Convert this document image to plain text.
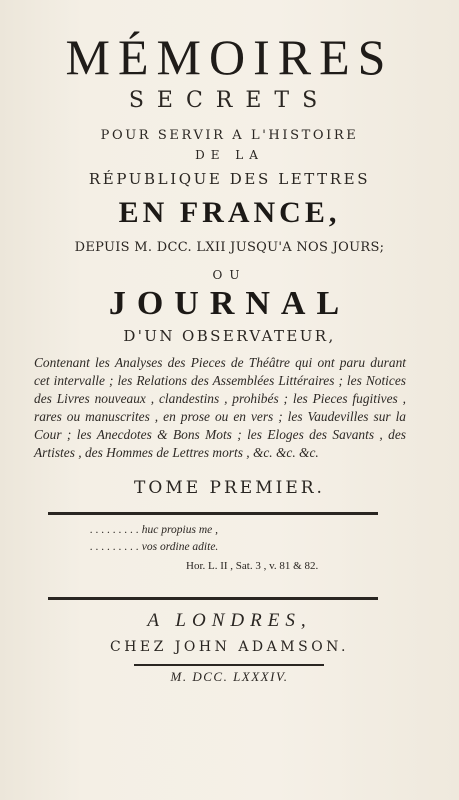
MÉMOIRES
SECRETS
POUR SERVIR A L'HISTOIRE
DE LA
RÉPUBLIQUE DES LETTRES
EN FRANCE,
DEPUIS M. DCC. LXII JUSQU'A NOS JOURS;
OU
JOURNAL
D'UN OBSERVATEUR,
Contenant les Analyses des Pieces de Théâtre qui ont paru durant cet intervalle ; les Relations des Assemblées Littéraires ; les Notices des Livres nouveaux , clandestins , prohibés ; les Pieces fugitives , rares ou manuscrites , en prose ou en vers ; les Vaudevilles sur la Cour ; les Anecdotes & Bons Mots ; les Eloges des Savants , des Artistes , des Hommes de Lettres morts , &c. &c. &c.
TOME PREMIER.
. . . . . . . . . huc propius me ,
. . . . . . . . . vos ordine adite.
Hor. L. II , Sat. 3 , v. 81 & 82.
A LONDRES,
CHEZ JOHN ADAMSON.
M. DCC. LXXXIV.
